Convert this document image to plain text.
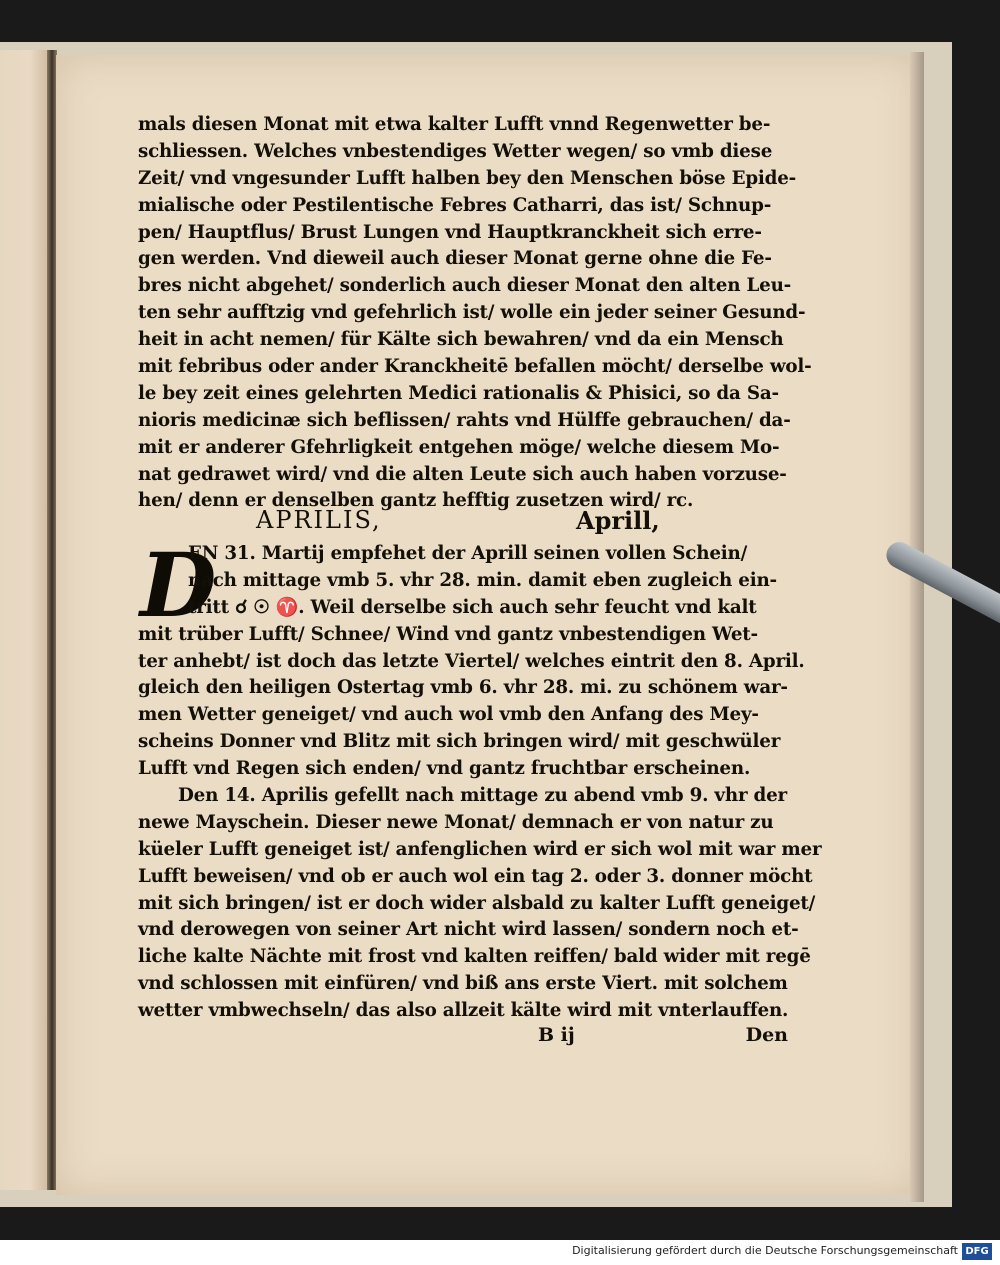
mals diesen Monat mit etwa kalter Lufft vnnd Regenwetter be-
schliessen. Welches vnbestendiges Wetter wegen/ so vmb diese
Zeit/ vnd vngesunder Lufft halben bey den Menschen böse Epide-
mialische oder Pestilentische Febres Catharri, das ist/ Schnup-
pen/ Hauptflus/ Brust Lungen vnd Hauptkranckheit sich erre-
gen werden. Vnd dieweil auch dieser Monat gerne ohne die Fe-
bres nicht abgehet/ sonderlich auch dieser Monat den alten Leu-
ten sehr aufftzig vnd gefehrlich ist/ wolle ein jeder seiner Gesund-
heit in acht nemen/ für Kälte sich bewahren/ vnd da ein Mensch
mit febribus oder ander Kranckheitē befallen möcht/ derselbe wol-
le bey zeit eines gelehrten Medici rationalis & Phisici, so da Sa-
nioris medicinæ sich beflissen/ rahts vnd Hülffe gebrauchen/ da-
mit er anderer Gfehrligkeit entgehen möge/ welche diesem Mo-
nat gedrawet wird/ vnd die alten Leute sich auch haben vorzuse-
hen/ denn er denselben gantz hefftig zusetzen wird/ rc.
APRILIS,	Aprill,
D
EN 31. Martij empfehet der Aprill seinen vollen Schein/
nach mittage vmb 5. vhr 28. min. damit eben zugleich ein-
tritt ☌ ☉ ♈. Weil derselbe sich auch sehr feucht vnd kalt
mit trüber Lufft/ Schnee/ Wind vnd gantz vnbestendigen Wet-
ter anhebt/ ist doch das letzte Viertel/ welches eintrit den 8. April.
gleich den heiligen Ostertag vmb 6. vhr 28. mi. zu schönem war-
men Wetter geneiget/ vnd auch wol vmb den Anfang des Mey-
scheins Donner vnd Blitz mit sich bringen wird/ mit geschwüler
Lufft vnd Regen sich enden/ vnd gantz fruchtbar erscheinen.
Den 14. Aprilis gefellt nach mittage zu abend vmb 9. vhr der
newe Mayschein. Dieser newe Monat/ demnach er von natur zu
küeler Lufft geneiget ist/ anfenglichen wird er sich wol mit war mer
Lufft beweisen/ vnd ob er auch wol ein tag 2. oder 3. donner möcht
mit sich bringen/ ist er doch wider alsbald zu kalter Lufft geneiget/
vnd derowegen von seiner Art nicht wird lassen/ sondern noch et-
liche kalte Nächte mit frost vnd kalten reiffen/ bald wider mit regē
vnd schlossen mit einfüren/ vnd biß ans erste Viert. mit solchem
wetter vmbwechseln/ das also allzeit kälte wird mit vnterlauffen.
B ij	Den
Digitalisierung gefördert durch die Deutsche Forschungsgemeinschaft DFG
